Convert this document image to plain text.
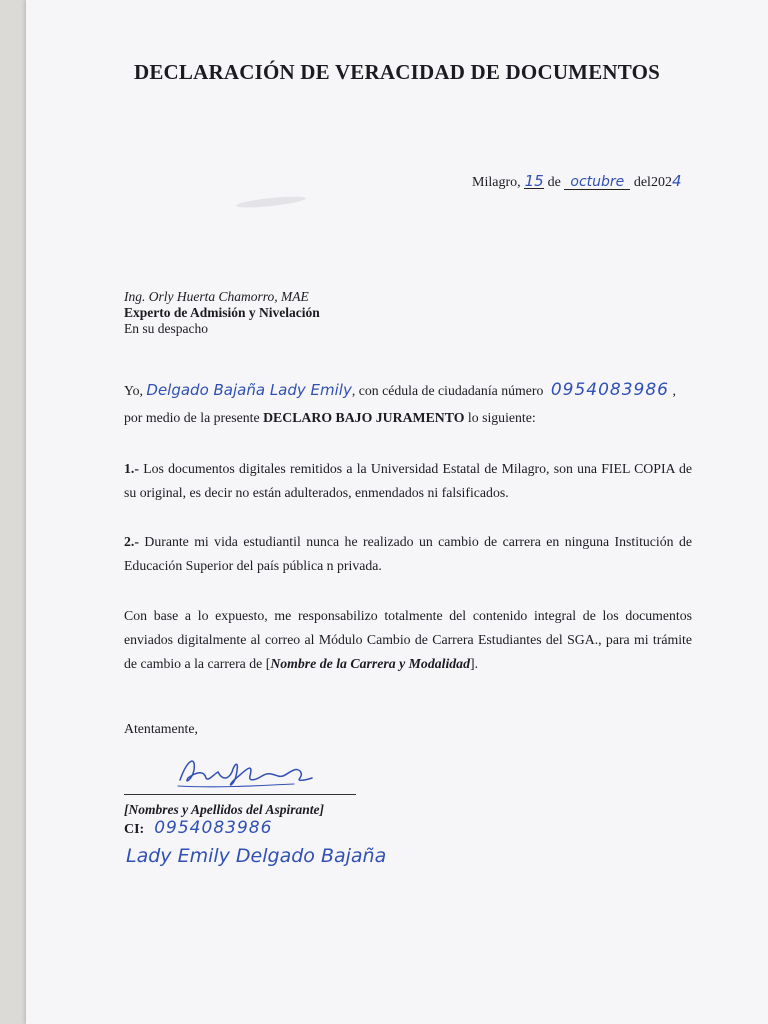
DECLARACIÓN DE VERACIDAD DE DOCUMENTOS
Milagro, 15 de octubre del2024
Ing. Orly Huerta Chamorro, MAE
Experto de Admisión y Nivelación
En su despacho
Yo, Delgado Bajaña Lady Emily, con cédula de ciudadanía número 0954083986 ,
por medio de la presente DECLARO BAJO JURAMENTO lo siguiente:
1.- Los documentos digitales remitidos a la Universidad Estatal de Milagro, son una FIEL COPIA de su original, es decir no están adulterados, enmendados ni falsificados.
2.- Durante mi vida estudiantil nunca he realizado un cambio de carrera en ninguna Institución de Educación Superior del país pública n privada.
Con base a lo expuesto, me responsabilizo totalmente del contenido integral de los documentos enviados digitalmente al correo al Módulo Cambio de Carrera Estudiantes del SGA., para mi trámite de cambio a la carrera de [Nombre de la Carrera y Modalidad].
Atentamente,
[Nombres y Apellidos del Aspirante]
CI: 0954083986
Lady Emily Delgado Bajaña
